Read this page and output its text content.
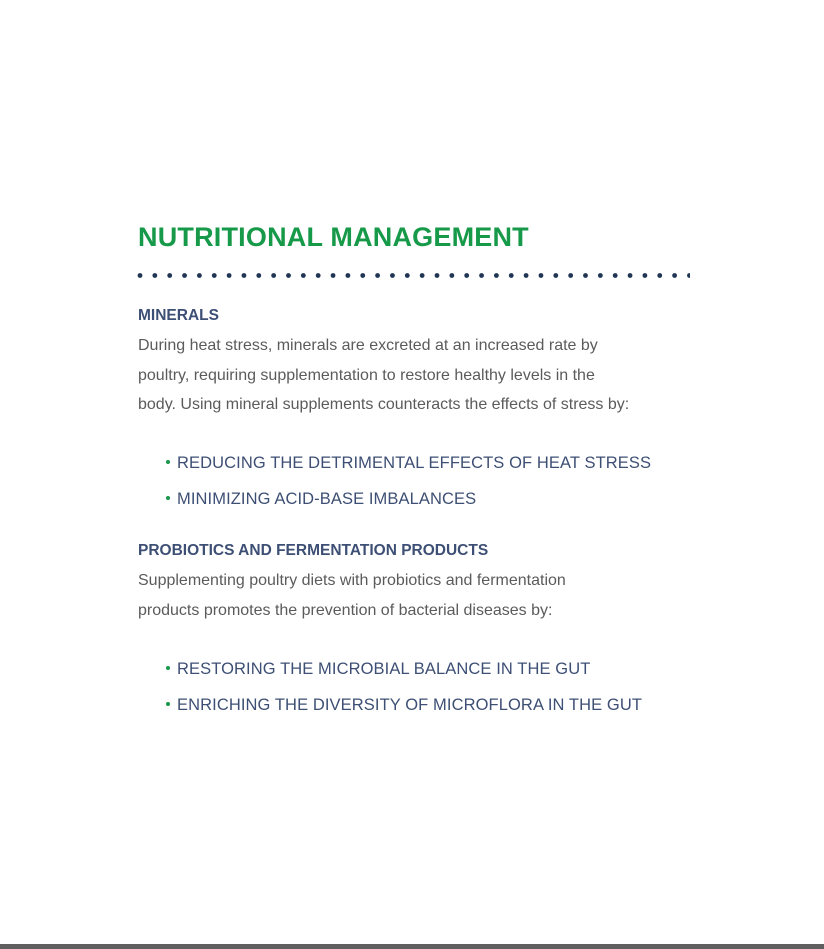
NUTRITIONAL MANAGEMENT
MINERALS

During heat stress, minerals are excreted at an increased rate by
poultry, requiring supplementation to restore healthy levels in the
body. Using mineral supplements counteracts the effects of stress by:

REDUCING THE DETRIMENTAL EFFECTS OF HEAT STRESS
MINIMIZING ACID-BASE IMBALANCES
PROBIOTICS AND FERMENTATION PRODUCTS

Supplementing poultry diets with probiotics and fermentation
products promotes the prevention of bacterial diseases by:

RESTORING THE MICROBIAL BALANCE IN THE GUT
ENRICHING THE DIVERSITY OF MICROFLORA IN THE GUT
